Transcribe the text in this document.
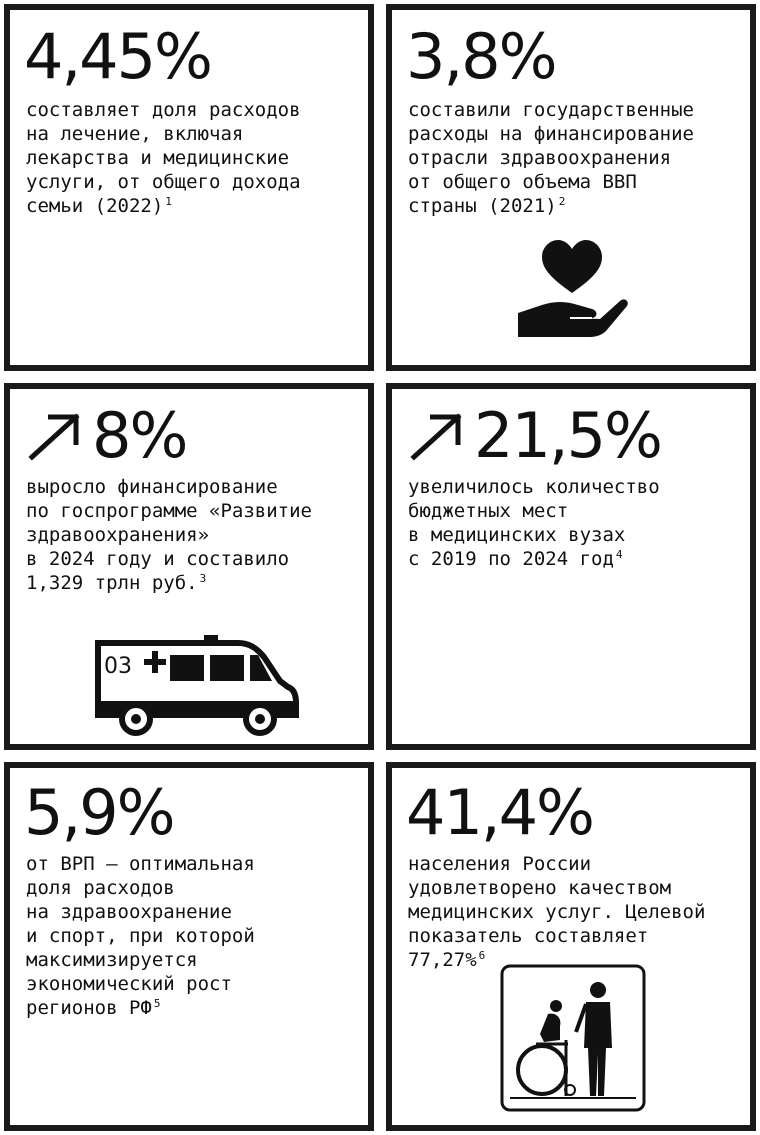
4,45%
составляет доля расходов
на лечение, включая
лекарства и медицинские
услуги, от общего дохода
семьи (2022) $^1$
3,8%
составили государственные
расходы на финансирование
отрасли здравоохранения
от общего объема ВВП
страны (2021) $^2$
8%
выросло финансирование
по госпрограмме «Развитие
здравоохранения»
в 2024 году и составило
1,329 трлн руб. $^3$
03
21,5%
увеличилось количество
бюджетных мест
в медицинских вузах
с 2019 по 2024 год $^4$
5,9%
от ВРП — оптимальная
доля расходов
на здравоохранение
и спорт, при которой
максимизируется
экономический рост
регионов РФ $^5$
41,4%
населения России
удовлетворено качеством
медицинских услуг. Целевой
показатель составляет
77,27% $^6$
